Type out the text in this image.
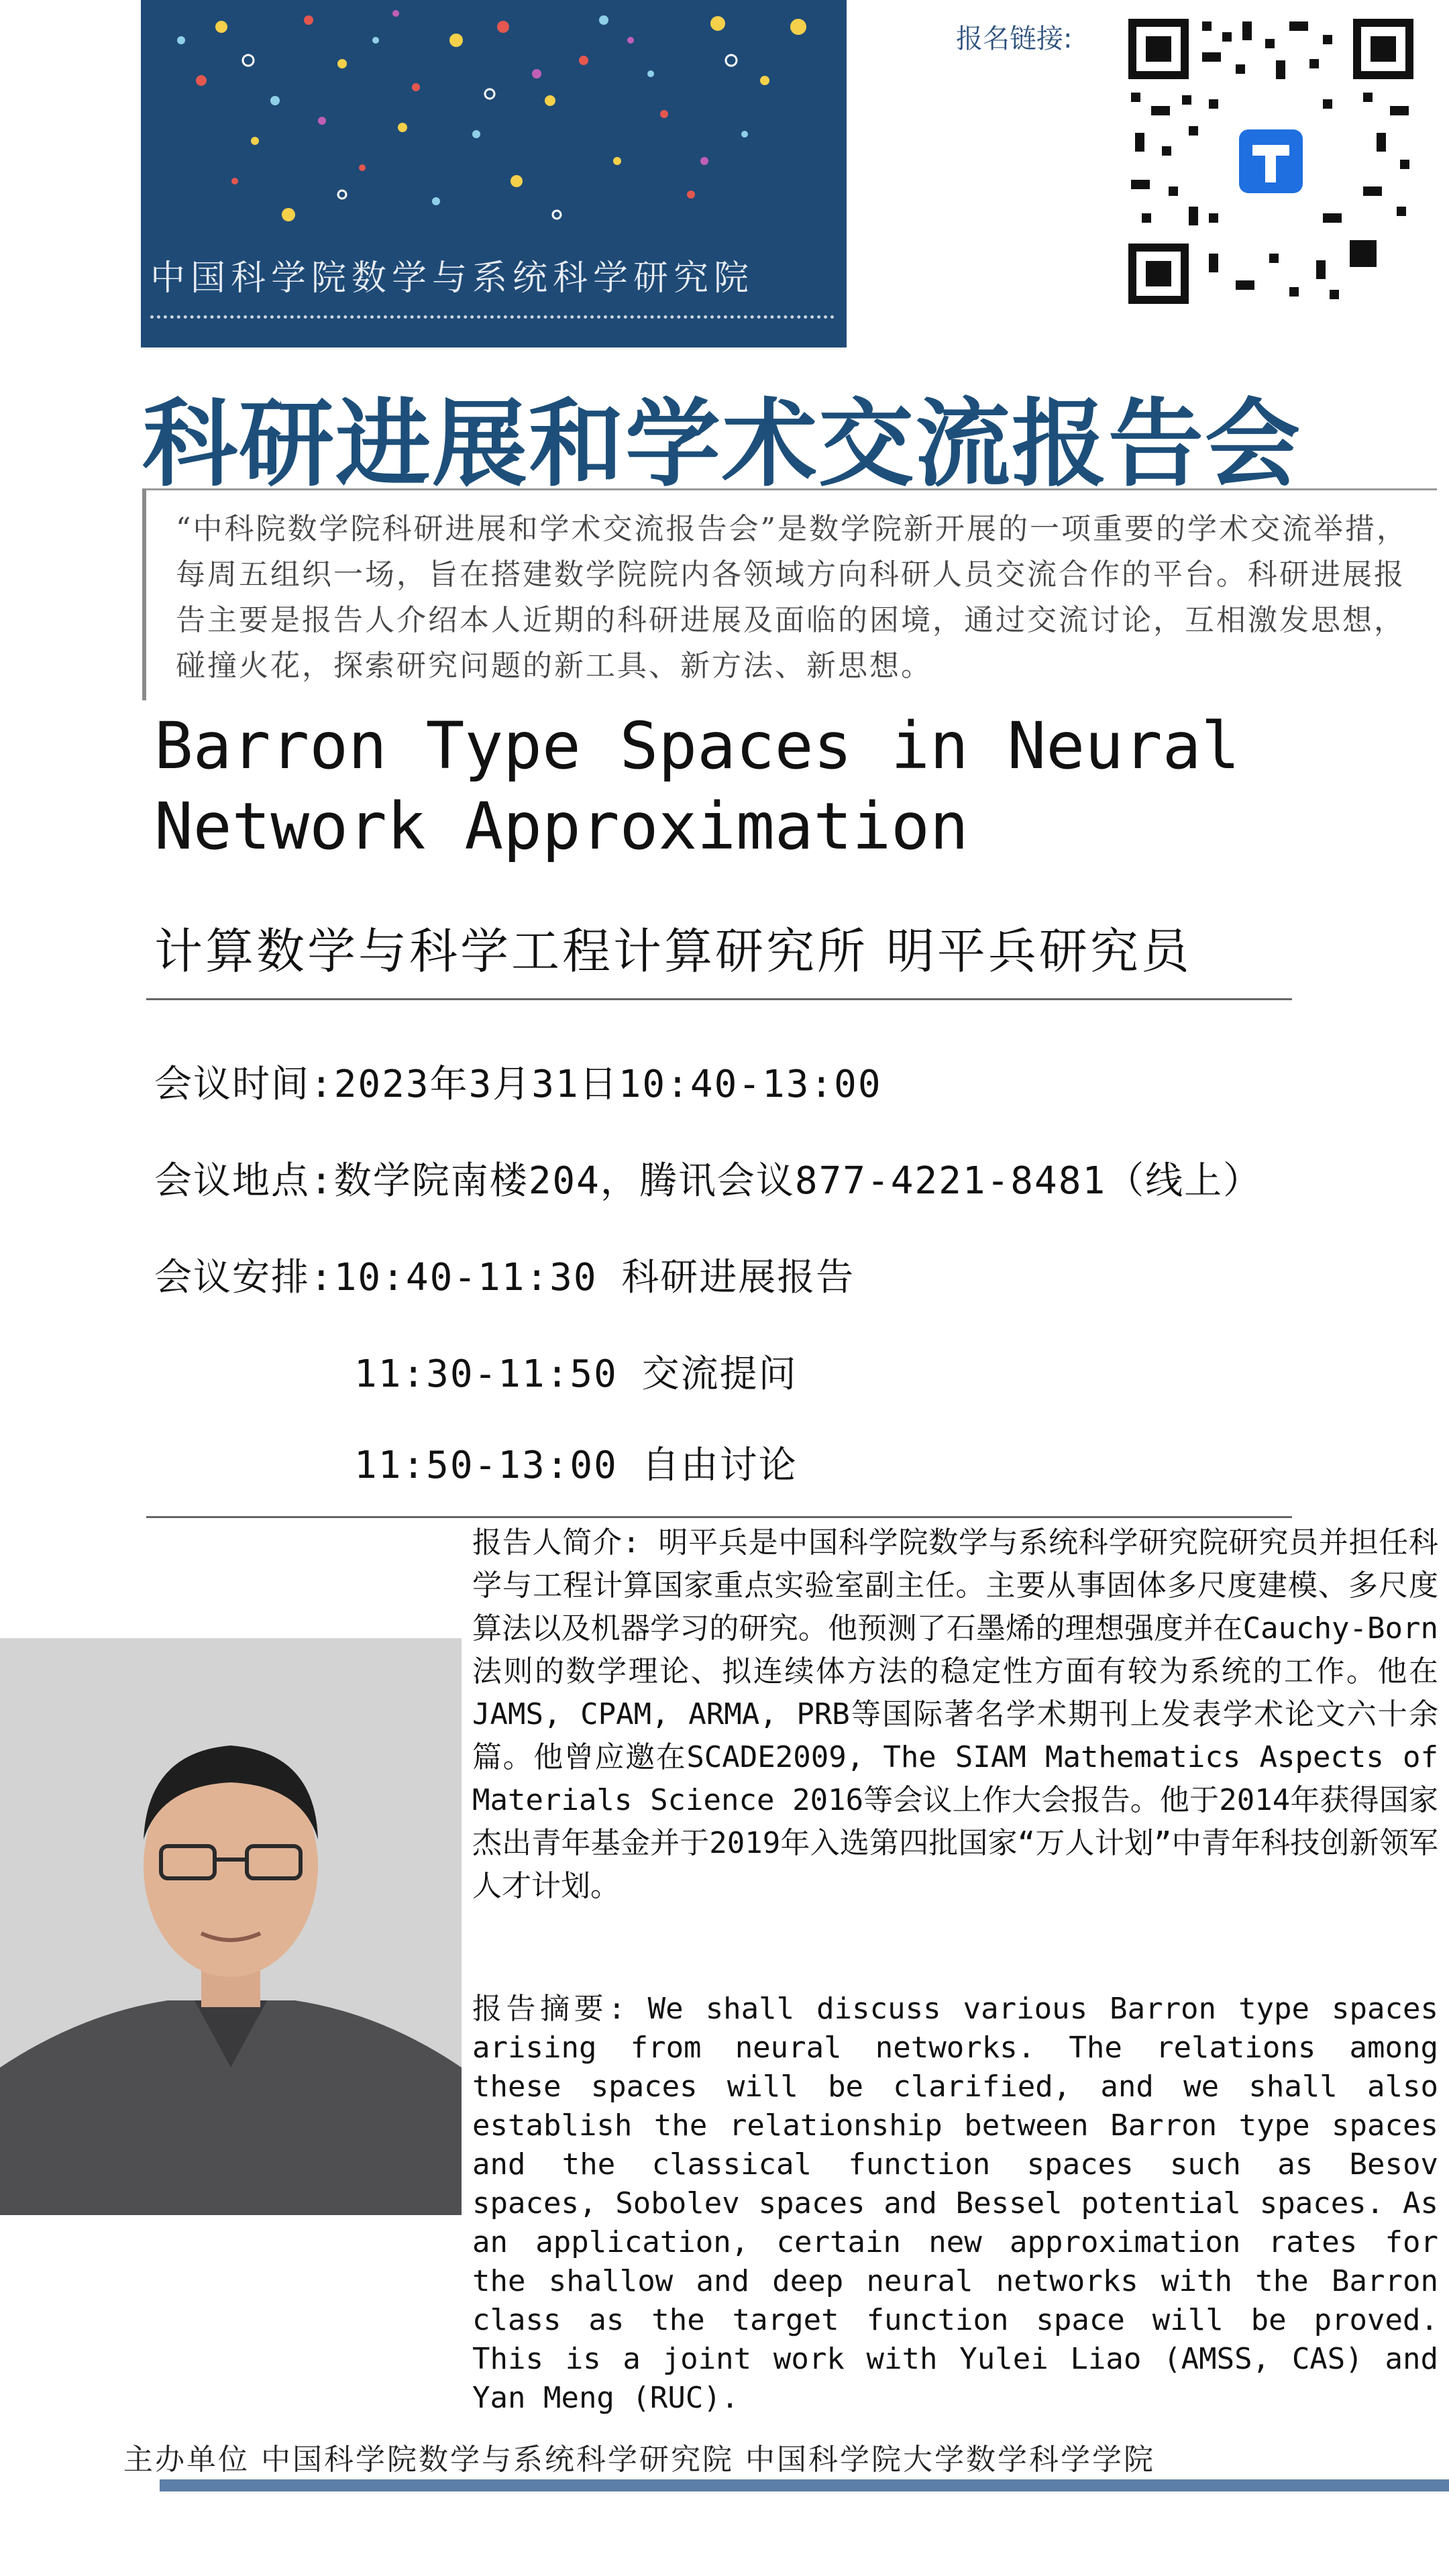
中国科学院数学与系统科学研究院
报名链接:
科研进展和学术交流报告会
“中科院数学院科研进展和学术交流报告会”是数学院新开展的一项重要的学术交流举措，每周五组织一场，旨在搭建数学院院内各领域方向科研人员交流合作的平台。科研进展报告主要是报告人介绍本人近期的科研进展及面临的困境，通过交流讨论，互相激发思想，碰撞火花，探索研究问题的新工具、新方法、新思想。
Barron Type Spaces in Neural Network Approximation
计算数学与科学工程计算研究所 明平兵研究员
会议时间:2023年3月31日10:40-13:00
会议地点:数学院南楼204，腾讯会议877-4221-8481（线上）
会议安排:10:40-11:30 科研进展报告
11:30-11:50 交流提问
11:50-13:00 自由讨论
报告人简介: 明平兵是中国科学院数学与系统科学研究院研究员并担任科学与工程计算国家重点实验室副主任。主要从事固体多尺度建模、多尺度算法以及机器学习的研究。他预测了石墨烯的理想强度并在Cauchy-Born法则的数学理论、拟连续体方法的稳定性方面有较为系统的工作。他在JAMS, CPAM, ARMA, PRB等国际著名学术期刊上发表学术论文六十余篇。他曾应邀在SCADE2009, The SIAM Mathematics Aspects of Materials Science 2016等会议上作大会报告。他于2014年获得国家杰出青年基金并于2019年入选第四批国家“万人计划”中青年科技创新领军人才计划。
报告摘要: We shall discuss various Barron type spaces arising from neural networks. The relations among these spaces will be clarified, and we shall also establish the relationship between Barron type spaces and the classical function spaces such as Besov spaces, Sobolev spaces and Bessel potential spaces. As an application, certain new approximation rates for the shallow and deep neural networks with the Barron class as the target function space will be proved. This is a joint work with Yulei Liao (AMSS, CAS) and Yan Meng (RUC).
主办单位 中国科学院数学与系统科学研究院 中国科学院大学数学科学学院
